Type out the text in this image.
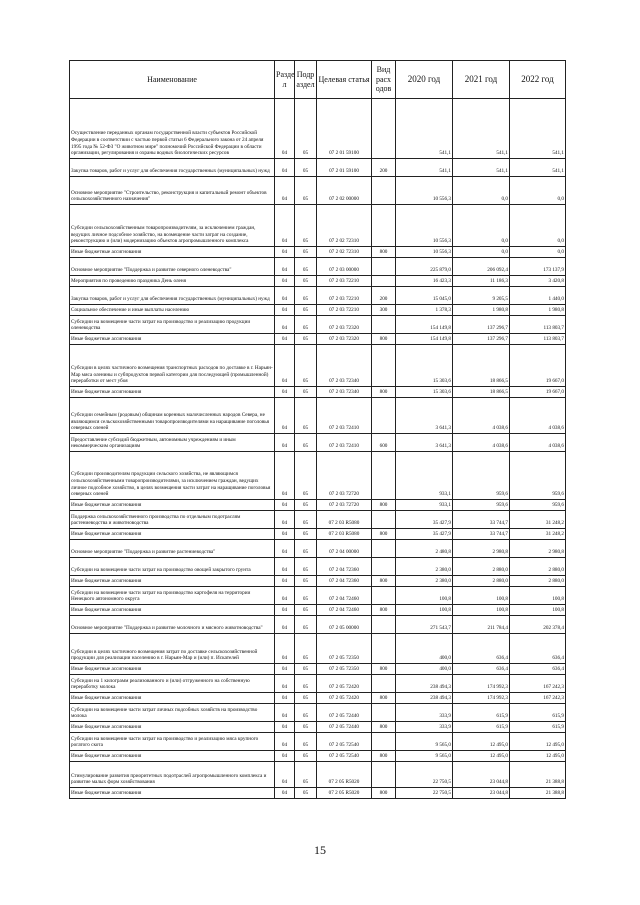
Наименование	Разде л	Подр аздел	Целевая статья	Вид расх одов	2020 год	2021 год	2022 год
Осуществление переданных органам государственной власти субъектов Российской Федерации в соответствии с частью первой статьи 6 Федерального закона от 24 апреля 1995 года № 52-ФЗ "О животном мире" полномочий Российской Федерации в области организации, регулирования и охраны водных биологических ресурсов	04	05	07 2 01 59100		541,1	541,1	541,1
Закупка товаров, работ и услуг для обеспечения государственных (муниципальных) нужд	04	05	07 2 01 59100	200	541,1	541,1	541,1
Основное мероприятие "Строительство, реконструкция и капитальный ремонт объектов сельскохозяйственного назначения"	04	05	07 2 02 00000		10 556,3	0,0	0,0
Субсидии сельскохозяйственным товаропроизводителям, за исключением граждан, ведущих личное подсобное хозяйство, на возмещение части затрат на создание, реконструкцию и (или) модернизацию объектов агропромышленного комплекса	04	05	07 2 02 72310		10 556,3	0,0	0,0
Иные бюджетные ассигнования	04	05	07 2 02 72310	800	10 556,3	0,0	0,0
Основное мероприятие "Поддержка и развитие северного оленеводства"	04	05	07 2 03 00000		225 879,0	206 092,4	173 137,9
Мероприятия по проведению праздника День оленя	04	05	07 2 03 72210		16 423,3	11 186,3	3 420,8
Закупка товаров, работ и услуг для обеспечения государственных (муниципальных) нужд	04	05	07 2 03 72210	200	15 045,0	9 205,5	1 440,0
Социальное обеспечение и иные выплаты населению	04	05	07 2 03 72210	300	1 378,3	1 980,8	1 980,8
Субсидии на возмещение части затрат на производство и реализацию продукции оленеводства	04	05	07 2 03 72320		154 149,8	137 296,7	113 803,7
Иные бюджетные ассигнования	04	05	07 2 03 72320	800	154 149,8	137 296,7	113 803,7
Субсидии в целях частичного возмещения транспортных расходов по доставке в г. Нарьян-Мар мяса оленины и субпродуктов первой категории для последующей (промышленной) переработки от мест убоя	04	05	07 2 03 72340		15 303,6	18 866,5	19 667,0
Иные бюджетные ассигнования	04	05	07 2 03 72340	800	15 303,6	18 866,5	19 667,0
Субсидии семейным (родовым) общинам коренных малочисленных народов Севера, не являющимся сельскохозяйственными товаропроизводителями на наращивание поголовья северных оленей	04	05	07 2 03 72410		3 641,3	4 038,6	4 038,6
Предоставление субсидий бюджетным, автономным учреждениям и иным некоммерческим организациям	04	05	07 2 03 72410	600	3 641,3	4 038,6	4 038,6
Субсидии производителям продукции сельского хозяйства, не являющимся сельскохозяйственными товаропроизводителями, за исключением граждан, ведущих личное подсобное хозяйство, в целях возмещения части затрат на наращивание поголовья северных оленей	04	05	07 2 03 72720		933,1	959,6	959,6
Иные бюджетные ассигнования	04	05	07 2 03 72720	800	933,1	959,6	959,6
Поддержка сельскохозяйственного производства по отдельным подотраслям растениеводства и животноводства	04	05	07 2 03 R5080		35 427,9	33 744,7	31 248,2
Иные бюджетные ассигнования	04	05	07 2 03 R5080	800	35 427,9	33 744,7	31 248,2
Основное мероприятие "Поддержка и развитие растениеводства"	04	05	07 2 04 00000		2 480,8	2 980,8	2 980,8
Субсидии на возмещение части затрат на производство овощей закрытого грунта	04	05	07 2 04 72360		2 380,0	2 880,0	2 880,0
Иные бюджетные ассигнования	04	05	07 2 04 72360	800	2 380,0	2 880,0	2 880,0
Субсидии на возмещение части затрат на производство картофеля на территории Ненецкого автономного округа	04	05	07 2 04 72460		100,8	100,8	100,8
Иные бюджетные ассигнования	04	05	07 2 04 72460	800	100,8	100,8	100,8
Основное мероприятие "Поддержка и развитие молочного и мясного животноводства"	04	05	07 2 05 00000		271 543,7	211 784,4	202 378,4
Субсидии в целях частичного возмещения затрат по доставке сельскохозяйственной продукции для реализации населению в г. Нарьян-Мар и (или) п. Искателей	04	05	07 2 05 72350		400,0	636,4	636,4
Иные бюджетные ассигнования	04	05	07 2 05 72350	800	400,0	636,4	636,4
Субсидии на 1 килограмм реализованного и (или) отгруженного на собственную переработку молока	04	05	07 2 05 72420		238 494,3	174 992,3	167 242,3
Иные бюджетные ассигнования	04	05	07 2 05 72420	800	238 494,3	174 992,3	167 242,3
Субсидии на возмещение части затрат личных подсобных хозяйств на производство молока	04	05	07 2 05 72440		333,9	615,9	615,9
Иные бюджетные ассигнования	04	05	07 2 05 72440	800	333,9	615,9	615,9
Субсидии на возмещение части затрат на производство и реализацию мяса крупного рогатого скота	04	05	07 2 05 72540		9 565,0	12 495,0	12 495,0
Иные бюджетные ассигнования	04	05	07 2 05 72540	800	9 565,0	12 495,0	12 495,0
Стимулирование развития приоритетных подотраслей агропромышленного комплекса и развитие малых форм хозяйствования	04	05	07 2 05 R5020		22 750,5	23 044,8	21 388,8
Иные бюджетные ассигнования	04	05	07 2 05 R5020	800	22 750,5	23 044,8	21 388,8
15
